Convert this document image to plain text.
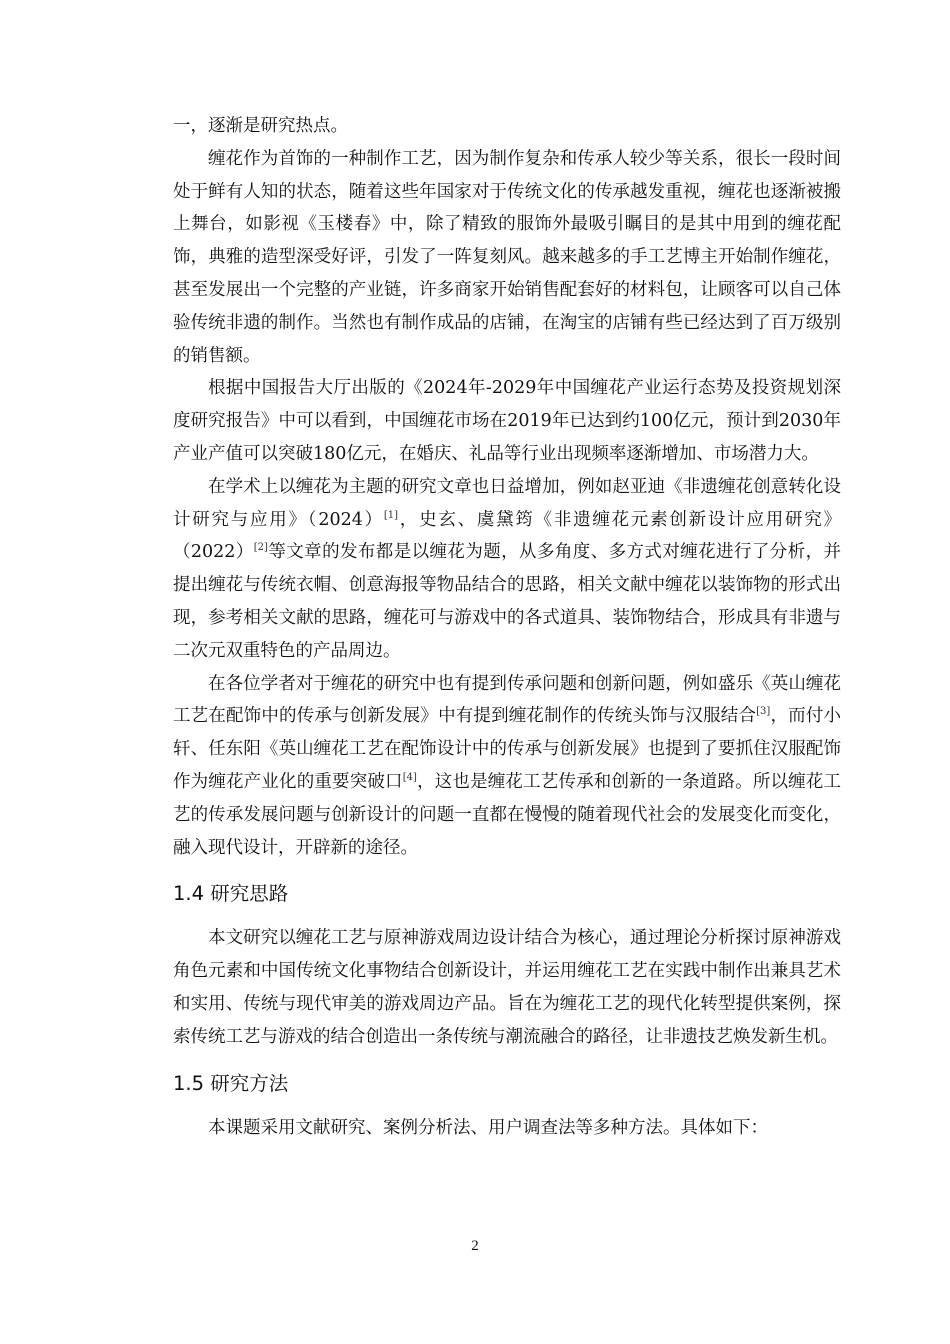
一，逐渐是研究热点。

缠花作为首饰的一种制作工艺，因为制作复杂和传承人较少等关系，很长一段时间处于鲜有人知的状态，随着这些年国家对于传统文化的传承越发重视，缠花也逐渐被搬上舞台，如影视《玉楼春》中，除了精致的服饰外最吸引瞩目的是其中用到的缠花配饰，典雅的造型深受好评，引发了一阵复刻风。越来越多的手工艺博主开始制作缠花，甚至发展出一个完整的产业链，许多商家开始销售配套好的材料包，让顾客可以自己体验传统非遗的制作。当然也有制作成品的店铺，在淘宝的店铺有些已经达到了百万级别的销售额。

根据中国报告大厅出版的《2024年-2029年中国缠花产业运行态势及投资规划深度研究报告》中可以看到，中国缠花市场在2019年已达到约100亿元，预计到2030年产业产值可以突破180亿元，在婚庆、礼品等行业出现频率逐渐增加、市场潜力大。

在学术上以缠花为主题的研究文章也日益增加，例如赵亚迪《非遗缠花创意转化设计研究与应用》（2024）[1]，史玄、虞黛筠《非遗缠花元素创新设计应用研究》（2022）[2]等文章的发布都是以缠花为题，从多角度、多方式对缠花进行了分析，并提出缠花与传统衣帽、创意海报等物品结合的思路，相关文献中缠花以装饰物的形式出现，参考相关文献的思路，缠花可与游戏中的各式道具、装饰物结合，形成具有非遗与二次元双重特色的产品周边。

在各位学者对于缠花的研究中也有提到传承问题和创新问题，例如盛乐《英山缠花工艺在配饰中的传承与创新发展》中有提到缠花制作的传统头饰与汉服结合[3]，而付小轩、任东阳《英山缠花工艺在配饰设计中的传承与创新发展》也提到了要抓住汉服配饰作为缠花产业化的重要突破口[4]，这也是缠花工艺传承和创新的一条道路。所以缠花工艺的传承发展问题与创新设计的问题一直都在慢慢的随着现代社会的发展变化而变化，融入现代设计，开辟新的途径。

1.4 研究思路

本文研究以缠花工艺与原神游戏周边设计结合为核心，通过理论分析探讨原神游戏角色元素和中国传统文化事物结合创新设计，并运用缠花工艺在实践中制作出兼具艺术和实用、传统与现代审美的游戏周边产品。旨在为缠花工艺的现代化转型提供案例，探索传统工艺与游戏的结合创造出一条传统与潮流融合的路径，让非遗技艺焕发新生机。

1.5 研究方法

本课题采用文献研究、案例分析法、用户调查法等多种方法。具体如下：

2
